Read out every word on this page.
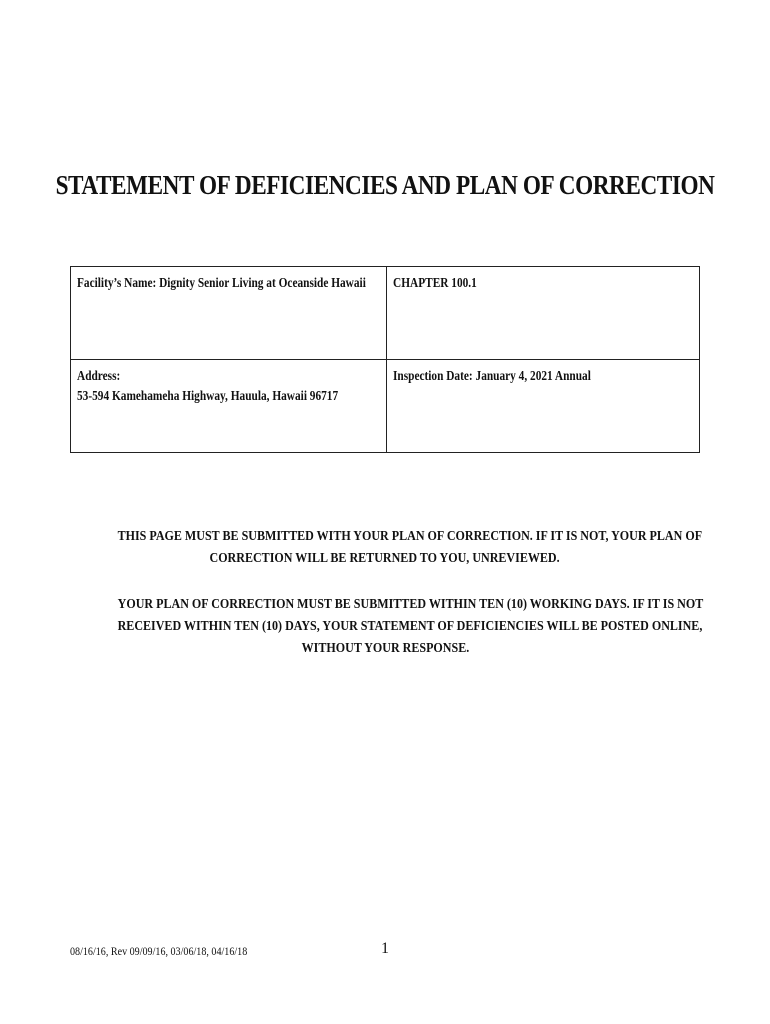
STATEMENT OF DEFICIENCIES AND PLAN OF CORRECTION
Facility’s Name: Dignity Senior Living at Oceanside Hawaii	CHAPTER 100.1

Address:
53-594 Kamehameha Highway, Hauula, Hawaii 96717	Inspection Date: January 4, 2021 Annual
THIS PAGE MUST BE SUBMITTED WITH YOUR PLAN OF CORRECTION. IF IT IS NOT, YOUR PLAN OF
CORRECTION WILL BE RETURNED TO YOU, UNREVIEWED.
YOUR PLAN OF CORRECTION MUST BE SUBMITTED WITHIN TEN (10) WORKING DAYS. IF IT IS NOT
RECEIVED WITHIN TEN (10) DAYS, YOUR STATEMENT OF DEFICIENCIES WILL BE POSTED ONLINE,
WITHOUT YOUR RESPONSE.
08/16/16, Rev 09/09/16, 03/06/18, 04/16/18	1
